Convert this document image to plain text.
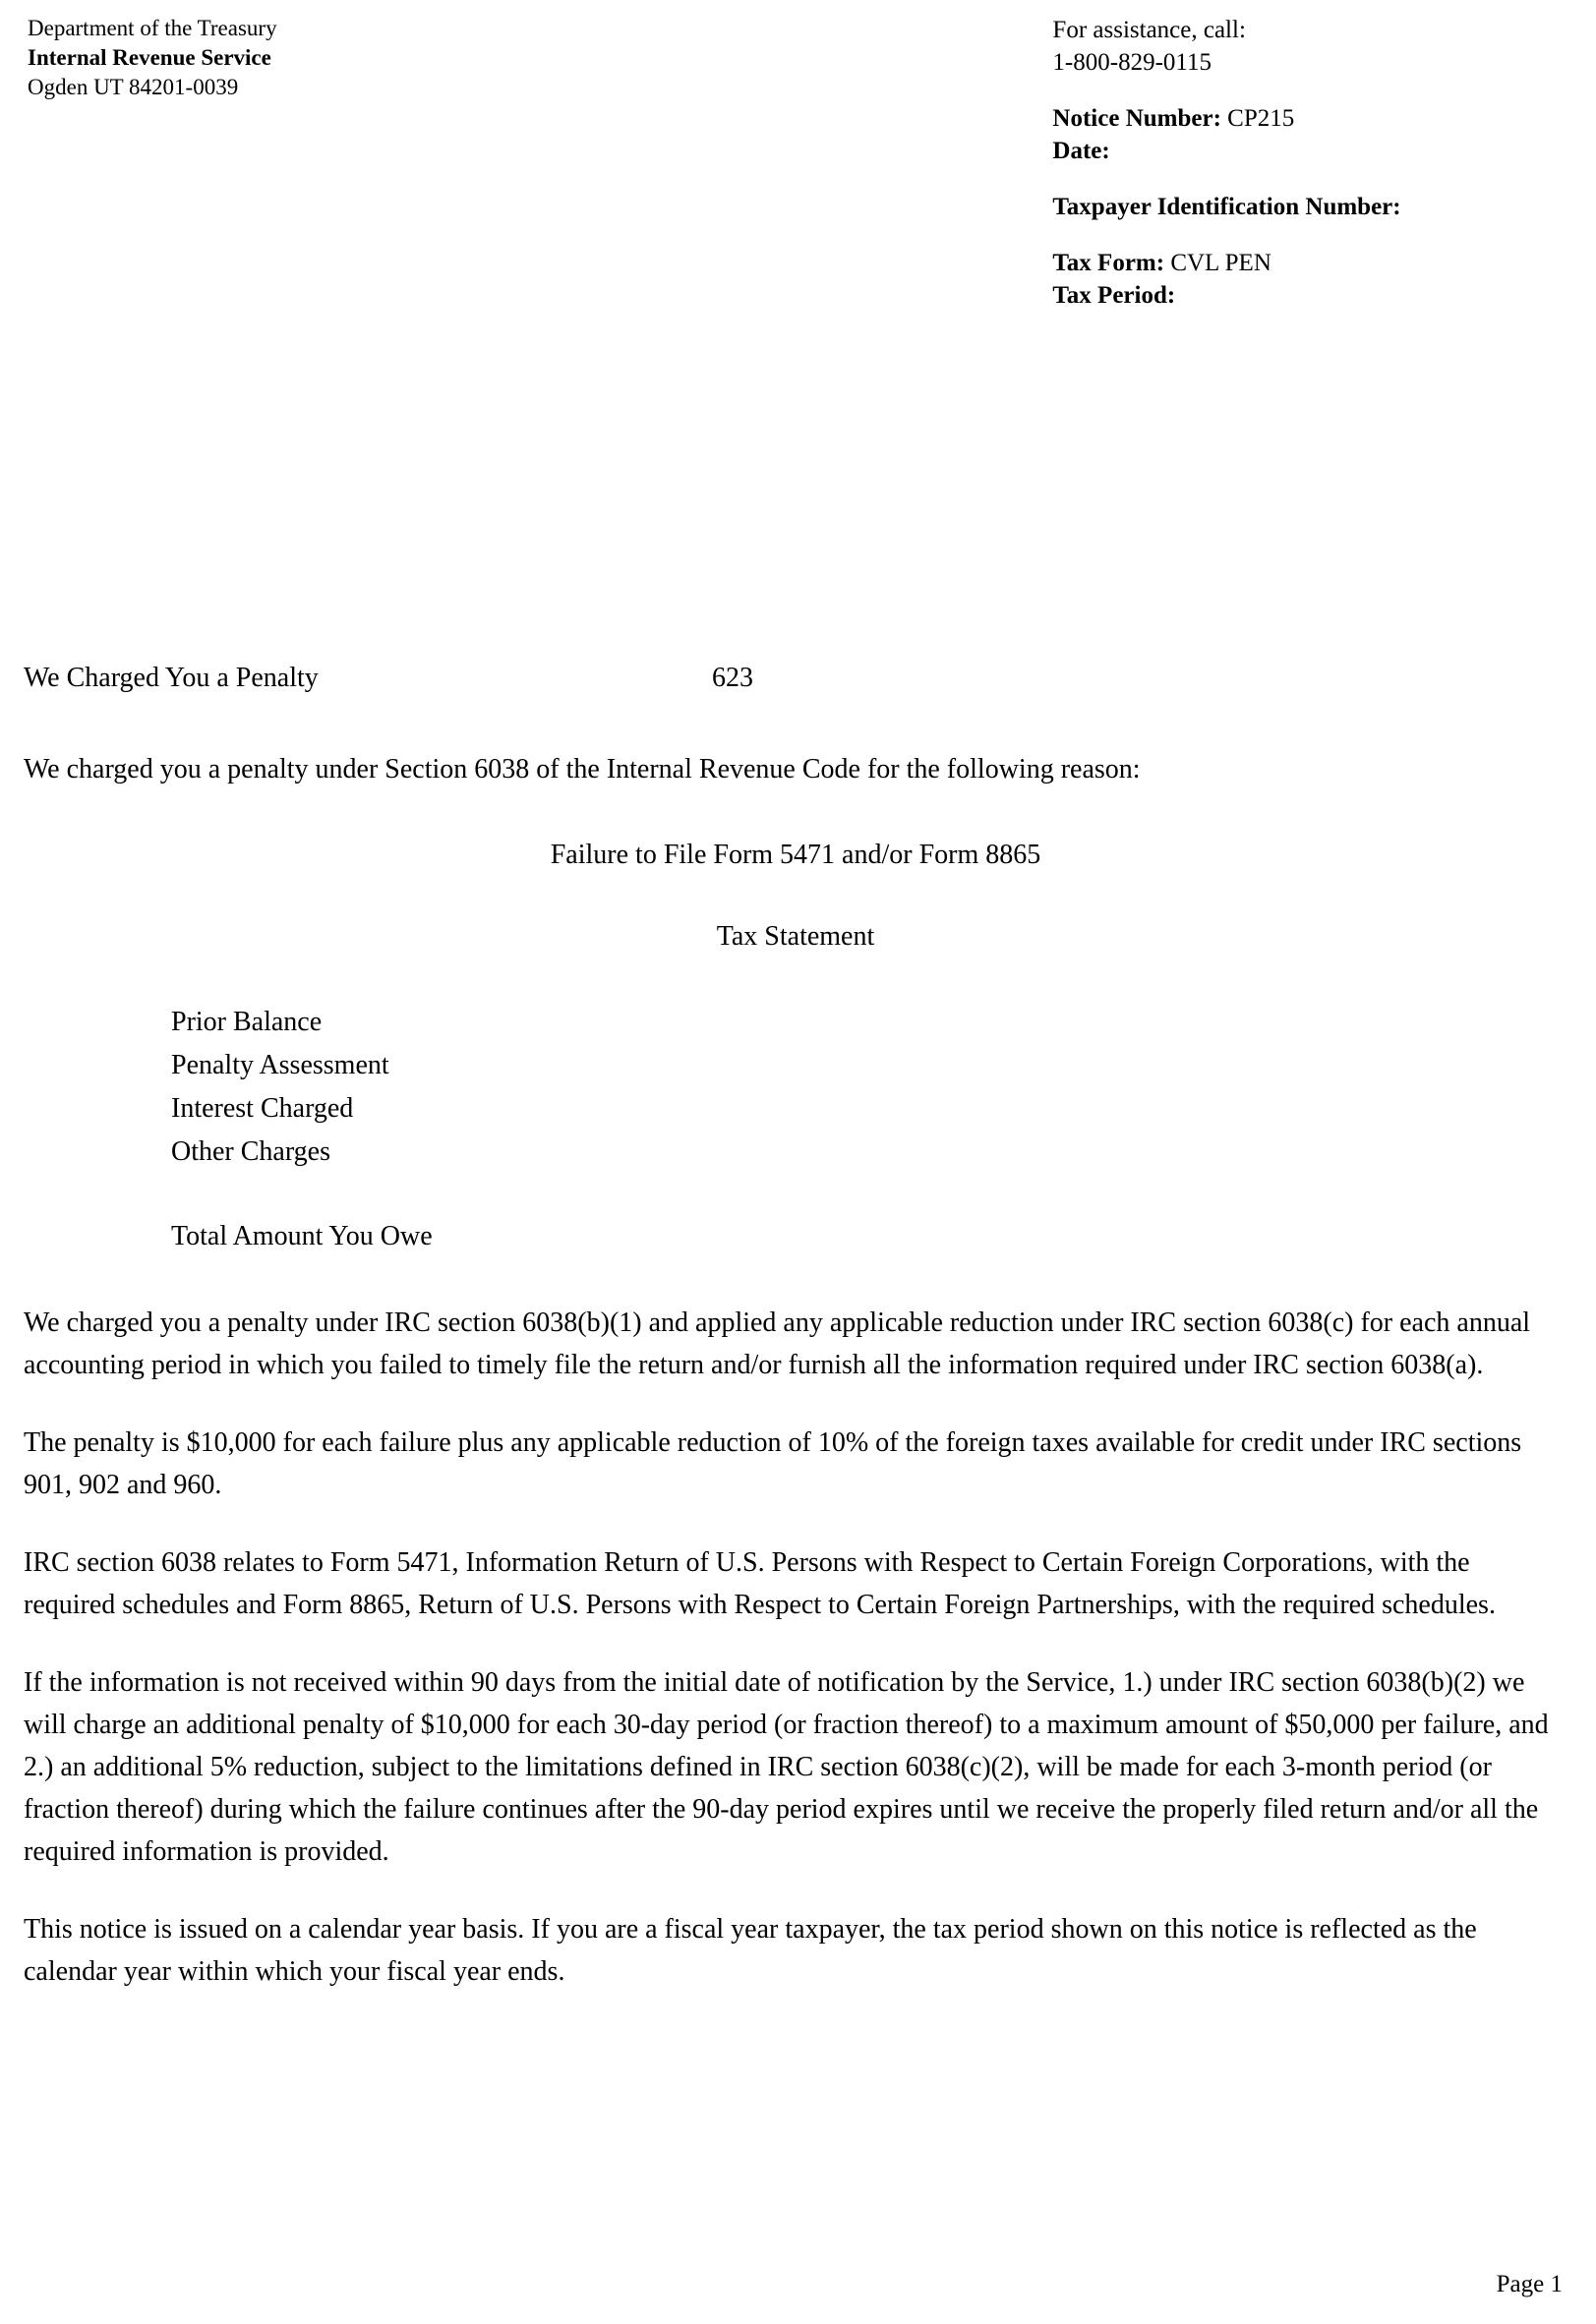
Department of the Treasury
Internal Revenue Service
Ogden UT 84201-0039
For assistance, call:
1-800-829-0115
Notice Number: CP215
Date:
Taxpayer Identification Number:
Tax Form: CVL PEN
Tax Period:
We Charged You a Penalty	623
We charged you a penalty under Section 6038 of the Internal Revenue Code for the following reason:
Failure to File Form 5471 and/or Form 8865
Tax Statement
Prior Balance
Penalty Assessment
Interest Charged
Other Charges
Total Amount You Owe
We charged you a penalty under IRC section 6038(b)(1) and applied any applicable reduction under IRC section 6038(c) for each annual accounting period in which you failed to timely file the return and/or furnish all the information required under IRC section 6038(a).
The penalty is $10,000 for each failure plus any applicable reduction of 10% of the foreign taxes available for credit under IRC sections 901, 902 and 960.
IRC section 6038 relates to Form 5471, Information Return of U.S. Persons with Respect to Certain Foreign Corporations, with the required schedules and Form 8865, Return of U.S. Persons with Respect to Certain Foreign Partnerships, with the required schedules.
If the information is not received within 90 days from the initial date of notification by the Service, 1.) under IRC section 6038(b)(2) we will charge an additional penalty of $10,000 for each 30-day period (or fraction thereof) to a maximum amount of $50,000 per failure, and 2.) an additional 5% reduction, subject to the limitations defined in IRC section 6038(c)(2), will be made for each 3-month period (or fraction thereof) during which the failure continues after the 90-day period expires until we receive the properly filed return and/or all the required information is provided.
This notice is issued on a calendar year basis. If you are a fiscal year taxpayer, the tax period shown on this notice is reflected as the calendar year within which your fiscal year ends.
Page 1
